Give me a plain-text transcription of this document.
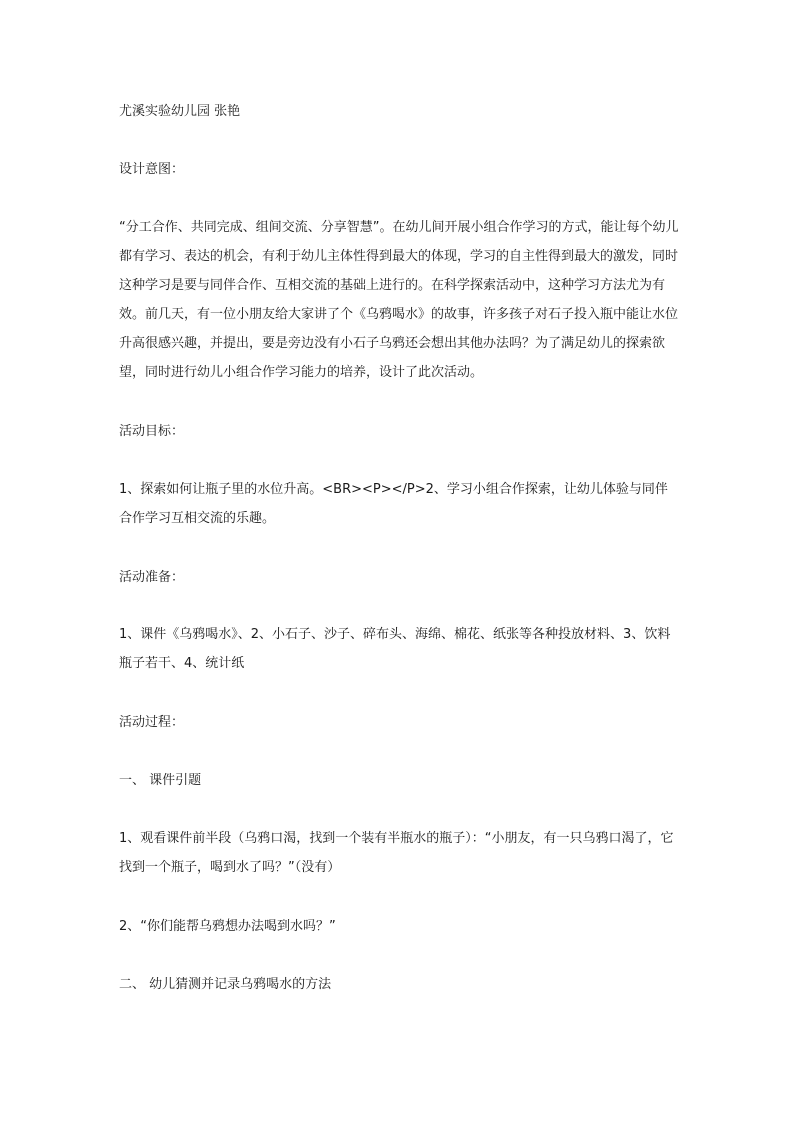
尤溪实验幼儿园 张艳

设计意图：

“分工合作、共同完成、组间交流、分享智慧”。在幼儿间开展小组合作学习的方式，能让每个幼儿都有学习、表达的机会，有利于幼儿主体性得到最大的体现，学习的自主性得到最大的激发，同时这种学习是要与同伴合作、互相交流的基础上进行的。在科学探索活动中，这种学习方法尤为有效。前几天，有一位小朋友给大家讲了个《乌鸦喝水》的故事，许多孩子对石子投入瓶中能让水位升高很感兴趣，并提出，要是旁边没有小石子乌鸦还会想出其他办法吗？为了满足幼儿的探索欲望，同时进行幼儿小组合作学习能力的培养，设计了此次活动。

活动目标：

1、探索如何让瓶子里的水位升高。<BR><P></P>2、学习小组合作探索，让幼儿体验与同伴合作学习互相交流的乐趣。

活动准备：

1、课件《乌鸦喝水》、2、小石子、沙子、碎布头、海绵、棉花、纸张等各种投放材料、3、饮料瓶子若干、4、统计纸

活动过程：

一、 课件引题

1、观看课件前半段（乌鸦口渴，找到一个装有半瓶水的瓶子）：“小朋友，有一只乌鸦口渴了，它找到一个瓶子，喝到水了吗？”（没有）

2、“你们能帮乌鸦想办法喝到水吗？”

二、 幼儿猜测并记录乌鸦喝水的方法
